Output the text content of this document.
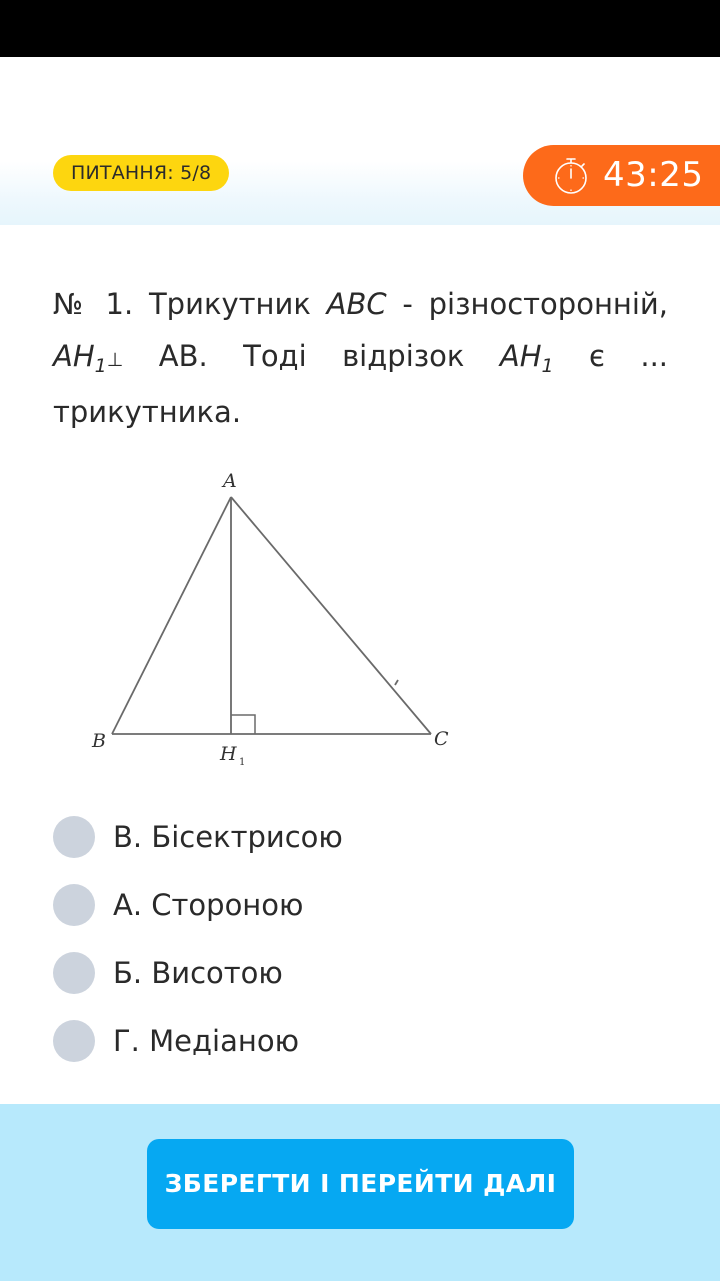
ПИТАННЯ: 5/8	43:25
№ 1. Трикутник ABC - різносторонній, $AH_1\perp$ AB. Тоді відрізок $AH_1$ є ... трикутника.
A
B	C
H 1
В. Бісектрисою
А. Стороною
Б. Висотою
Г. Медіаною
ЗБЕРЕГТИ І ПЕРЕЙТИ ДАЛІ
